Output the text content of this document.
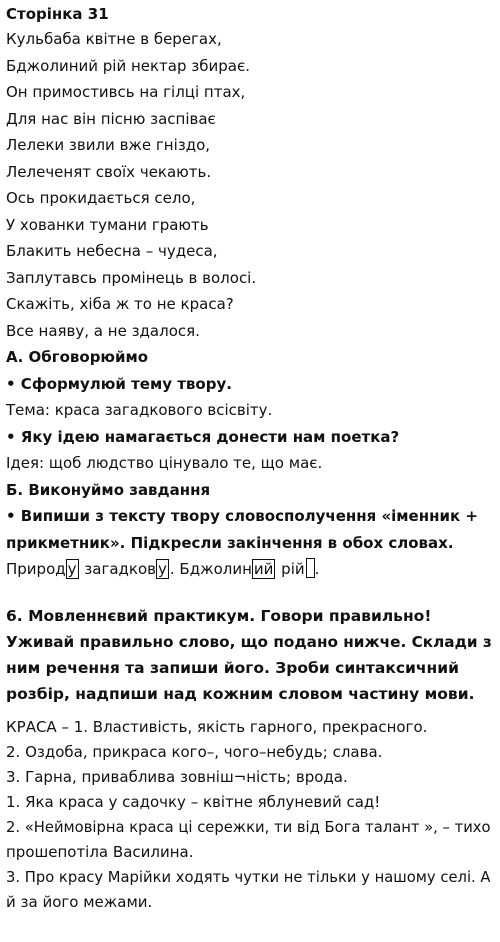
Сторінка 31
Кульбаба квітне в берегах,
Бджолиний рій нектар збирає.
Он примостивсь на гілці птах,
Для нас він пісню заспіває
Лелеки звили вже гніздо,
Лелеченят своїх чекають.
Ось прокидається село,
У хованки тумани грають
Блакить небесна – чудеса,
Заплутавсь промінець в волосі.
Скажіть, хіба ж то не краса?
Все наяву, а не здалося.
А. Обговорюймо
• Сформулюй тему твору.
Тема: краса загадкового всісвіту.
• Яку ідею намагається донести нам поетка?
Ідея: щоб людство цінувало те, що має.
Б. Виконуймо завдання
• Випиши з тексту твору словосполучення «іменник +
прикметник». Підкресли закінчення в обох словах.
Природ у загадков у . Бджолин ий рій .
6. Мовленнєвий практикум. Говори правильно!
Уживай правильно слово, що подано нижче. Склади з
ним речення та запиши його. Зроби синтаксичний
розбір, надпиши над кожним словом частину мови.
КРАСА – 1. Властивість, якість гарного, прекрасного.
2. Оздоба, прикраса кого–, чого–небудь; слава.
3. Гарна, приваблива зовніш¬ність; врода.
1. Яка краса у садочку – квітне яблуневий сад!
2. «Неймовірна краса ці сережки, ти від Бога талант », – тихо
прошепотіла Василина.
3. Про красу Марійки ходять чутки не тільки у нашому селі. А
й за його межами.
